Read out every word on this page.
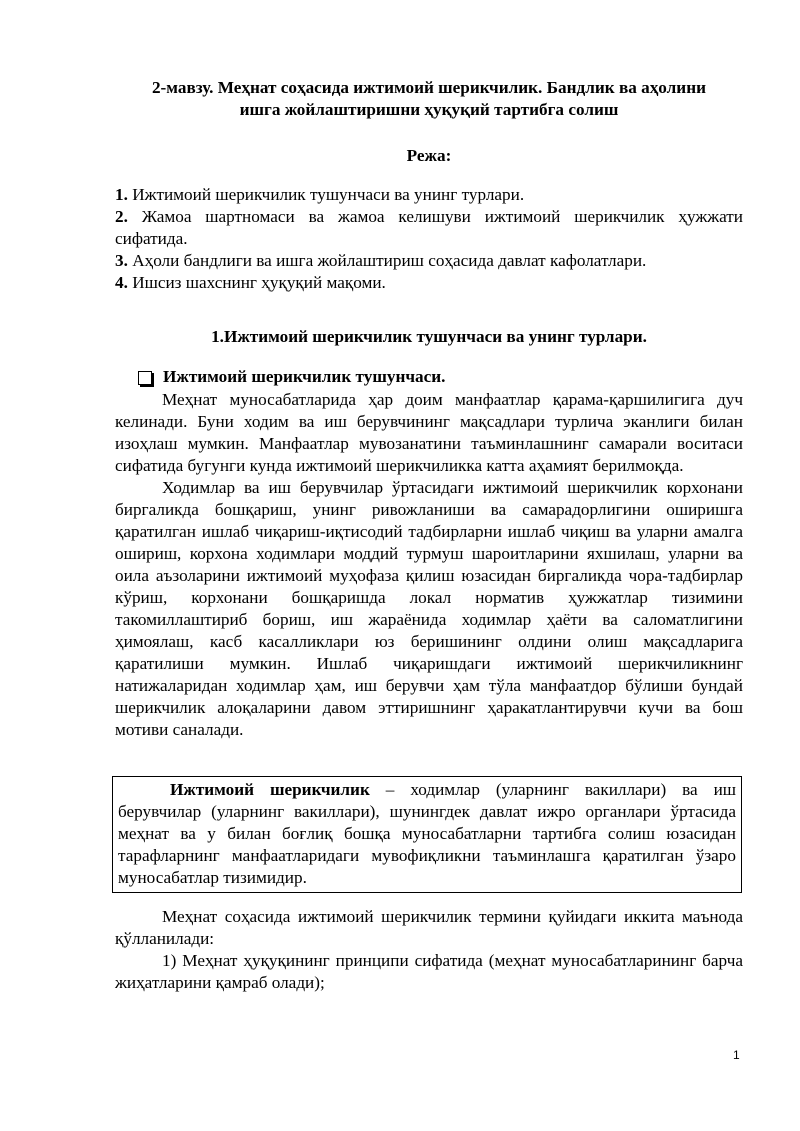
2-мавзу. Меҳнат соҳасида ижтимоий шерикчилик. Бандлик ва аҳолини
ишга жойлаштиришни ҳуқуқий тартибга солиш

Режа:

1. Ижтимоий шерикчилик тушунчаси ва унинг турлари.

2. Жамоа шартномаси ва жамоа келишуви ижтимоий шерикчилик ҳужжати сифатида.

3. Аҳоли бандлиги ва ишга жойлаштириш соҳасида давлат кафолатлари.

4. Ишсиз шахснинг ҳуқуқий мақоми.

1.Ижтимоий шерикчилик тушунчаси ва унинг турлари.

Ижтимоий шерикчилик тушунчаси.

Меҳнат муносабатларида ҳар доим манфаатлар қарама-қаршилигига дуч келинади. Буни ходим ва иш берувчининг мақсадлари турлича эканлиги билан изоҳлаш мумкин. Манфаатлар мувозанатини таъминлашнинг самарали воситаси сифатида бугунги кунда ижтимоий шерикчиликка катта аҳамият берилмоқда.

Ходимлар ва иш берувчилар ўртасидаги ижтимоий шерикчилик корхонани биргаликда бошқариш, унинг ривожланиши ва самарадорлигини оширишга қаратилган ишлаб чиқариш-иқтисодий тадбирларни ишлаб чиқиш ва уларни амалга ошириш, корхона ходимлари моддий турмуш шароитларини яхшилаш, уларни ва оила аъзоларини ижтимоий муҳофаза қилиш юзасидан биргаликда чора-тадбирлар кўриш, корхонани бошқаришда локал норматив ҳужжатлар тизимини такомиллаштириб бориш, иш жараёнида ходимлар ҳаёти ва саломатлигини ҳимоялаш, касб касалликлари юз беришининг олдини олиш мақсадларига қаратилиши мумкин. Ишлаб чиқаришдаги ижтимоий шерикчиликнинг натижаларидан ходимлар ҳам, иш берувчи ҳам тўла манфаатдор бўлиши бундай шерикчилик алоқаларини давом эттиришнинг ҳаракатлантирувчи кучи ва бош мотиви саналади.

Ижтимоий шерикчилик – ходимлар (уларнинг вакиллари) ва иш берувчилар (уларнинг вакиллари), шунингдек давлат ижро органлари ўртасида меҳнат ва у билан боғлиқ бошқа муносабатларни тартибга солиш юзасидан тарафларнинг манфаатларидаги мувофиқликни таъминлашга қаратилган ўзаро муносабатлар тизимидир.

Меҳнат соҳасида ижтимоий шерикчилик термини қуйидаги иккита маънода қўлланилади:

1) Меҳнат ҳуқуқининг принципи сифатида (меҳнат муносабатларининг барча жиҳатларини қамраб олади);

1
